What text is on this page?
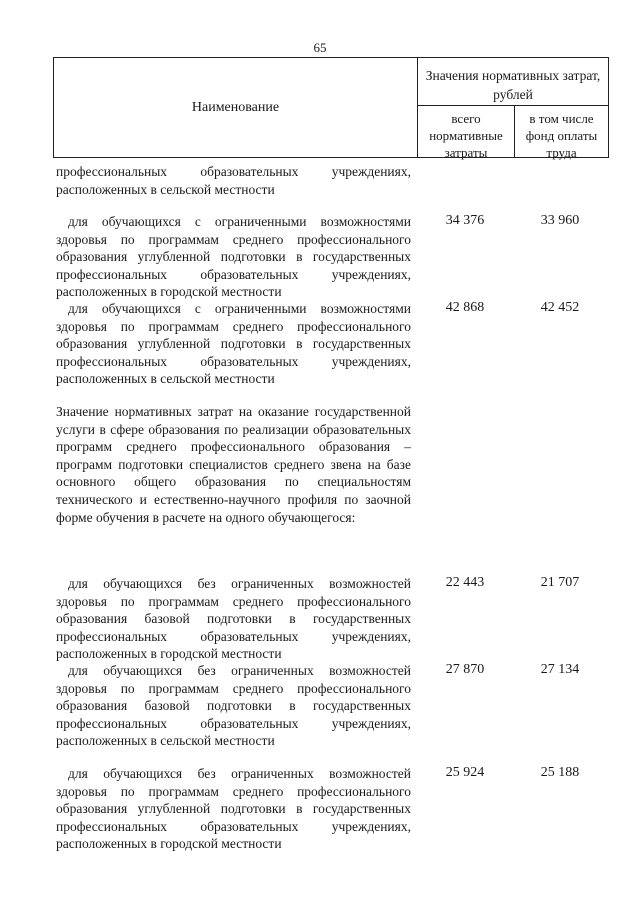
65
Наименование
Значения нормативных затрат, рублей
всего нормативные затраты
в том числе фонд оплаты труда
профессиональных образовательных учреждениях, расположенных в сельской местности
для обучающихся с ограниченными возможностями здоровья по программам среднего профессионального образования углубленной подготовки в государственных профессиональных образовательных учреждениях, расположенных в городской местности
34 376	33 960
для обучающихся с ограниченными возможностями здоровья по программам среднего профессионального образования углубленной подготовки в государственных профессиональных образовательных учреждениях, расположенных в сельской местности
42 868	42 452
Значение нормативных затрат на оказание государственной услуги в сфере образования по реализации образовательных программ среднего профессионального образования – программ подготовки специалистов среднего звена на базе основного общего образования по специальностям технического и естественно-научного профиля по заочной форме обучения в расчете на одного обучающегося:
для обучающихся без ограниченных возможностей здоровья по программам среднего профессионального образования базовой подготовки в государственных профессиональных образовательных учреждениях, расположенных в городской местности
22 443	21 707
для обучающихся без ограниченных возможностей здоровья по программам среднего профессионального образования базовой подготовки в государственных профессиональных образовательных учреждениях, расположенных в сельской местности
27 870	27 134
для обучающихся без ограниченных возможностей здоровья по программам среднего профессионального образования углубленной подготовки в государственных профессиональных образовательных учреждениях, расположенных в городской местности
25 924	25 188
